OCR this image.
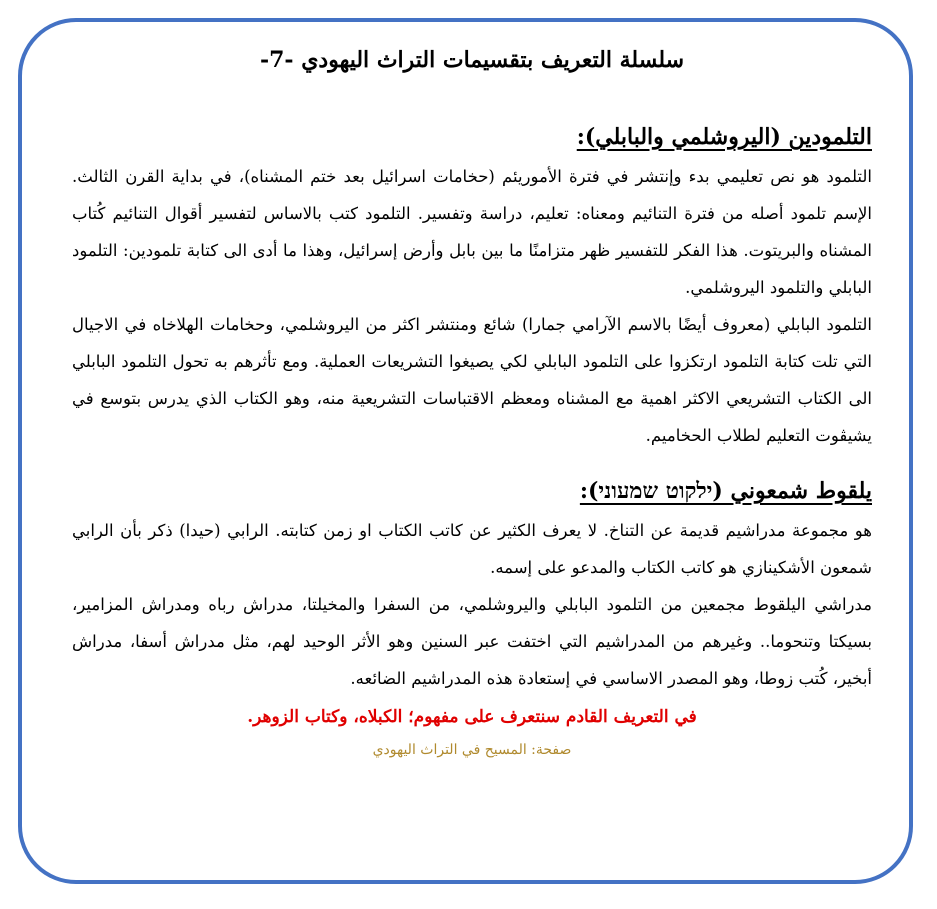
سلسلة التعريف بتقسيمات التراث اليهودي -7-
التلمودين (اليروشلمي والبابلي):

التلمود هو نص تعليمي بدء وإنتشر في فترة الأموريئم (حخامات اسرائيل بعد ختم المشناه)، في بداية القرن الثالث. الإسم تلمود أصله من فترة التنائيم ومعناه: تعليم، دراسة وتفسير. التلمود كتب بالاساس لتفسير أقوال التنائيم كُتاب المشناه والبريتوت. هذا الفكر للتفسير ظهر متزامنًا ما بين بابل وأرض إسرائيل، وهذا ما أدى الى كتابة تلمودين: التلمود البابلي والتلمود اليروشلمي.

التلمود البابلي (معروف أيضًا بالاسم الآرامي جمارا) شائع ومنتشر اكثر من اليروشلمي، وحخامات الهلاخاه في الاجيال التي تلت كتابة التلمود ارتكزوا على التلمود البابلي لكي يصيغوا التشريعات العملية. ومع تأثرهم به تحول التلمود البابلي الى الكتاب التشريعي الاكثر اهمية مع المشناه ومعظم الاقتباسات التشريعية منه، وهو الكتاب الذي يدرس بتوسع في يشيڤوت التعليم لطلاب الحخاميم.

يلقوط شمعوني (ילקוט שמעוני):

هو مجموعة مدراشيم قديمة عن التناخ. لا يعرف الكثير عن كاتب الكتاب او زمن كتابته. الرابي (حيدا) ذكر بأن الرابي شمعون الأشكينازي هو كاتب الكتاب والمدعو على إسمه.

مدراشي اليلقوط مجمعين من التلمود البابلي واليروشلمي، من السفرا والمخيلتا، مدراش رباه ومدراش المزامير، بسيكتا وتنحوما.. وغيرهم من المدراشيم التي اختفت عبر السنين وهو الأثر الوحيد لهم، مثل مدراش أسفا، مدراش أبخير، كُتب زوطا، وهو المصدر الاساسي في إستعادة هذه المدراشيم الضائعه.

في التعريف القادم سنتعرف على مفهوم؛ الكبلاه، وكتاب الزوهر.

صفحة: المسيح في التراث اليهودي
